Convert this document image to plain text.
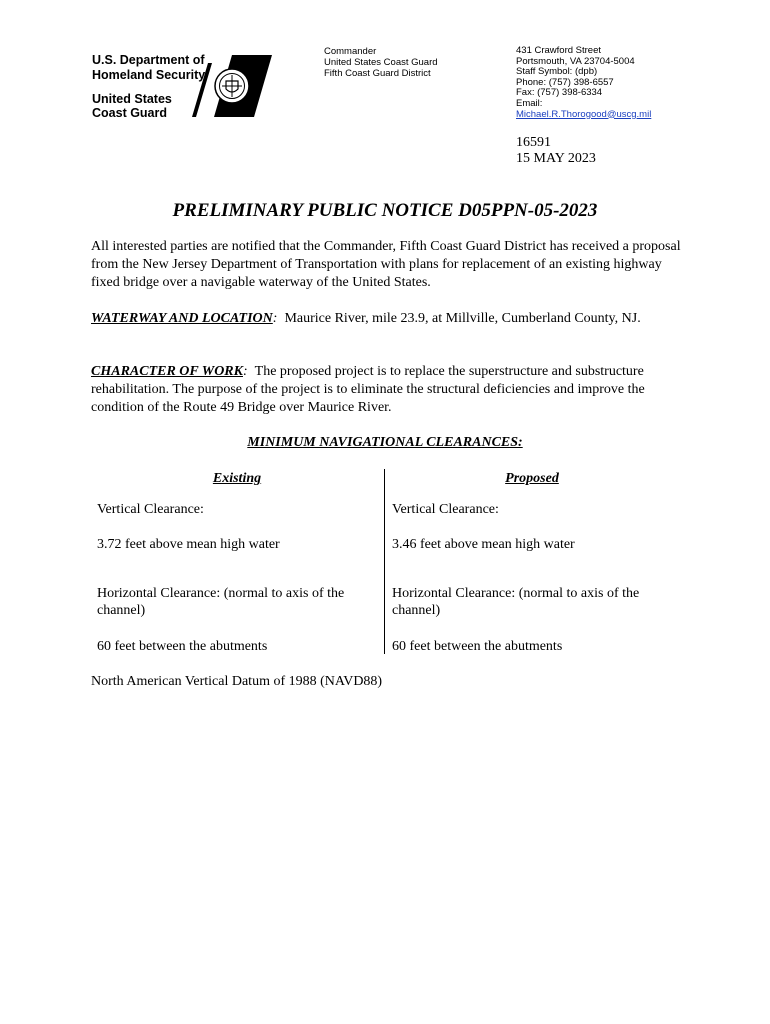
U.S. Department of
Homeland Security
United States
Coast Guard
Commander
United States Coast Guard
Fifth Coast Guard District
431 Crawford Street
Portsmouth, VA 23704-5004
Staff Symbol: (dpb)
Phone: (757) 398-6557
Fax: (757) 398-6334
Email:
Michael.R.Thorogood@uscg.mil
16591
15 MAY 2023
PRELIMINARY PUBLIC NOTICE D05PPN-05-2023
All interested parties are notified that the Commander, Fifth Coast Guard District has received a proposal from the New Jersey Department of Transportation with plans for replacement of an existing highway fixed bridge over a navigable waterway of the United States.
WATERWAY AND LOCATION: Maurice River, mile 23.9, at Millville, Cumberland County, NJ.
CHARACTER OF WORK: The proposed project is to replace the superstructure and substructure rehabilitation. The purpose of the project is to eliminate the structural deficiencies and improve the condition of the Route 49 Bridge over Maurice River.
MINIMUM NAVIGATIONAL CLEARANCES:
Existing	Proposed
Vertical Clearance:
3.72 feet above mean high water
Horizontal Clearance: (normal to axis of the channel)
60 feet between the abutments
Vertical Clearance:
3.46 feet above mean high water
Horizontal Clearance: (normal to axis of the channel)
60 feet between the abutments
North American Vertical Datum of 1988 (NAVD88)
